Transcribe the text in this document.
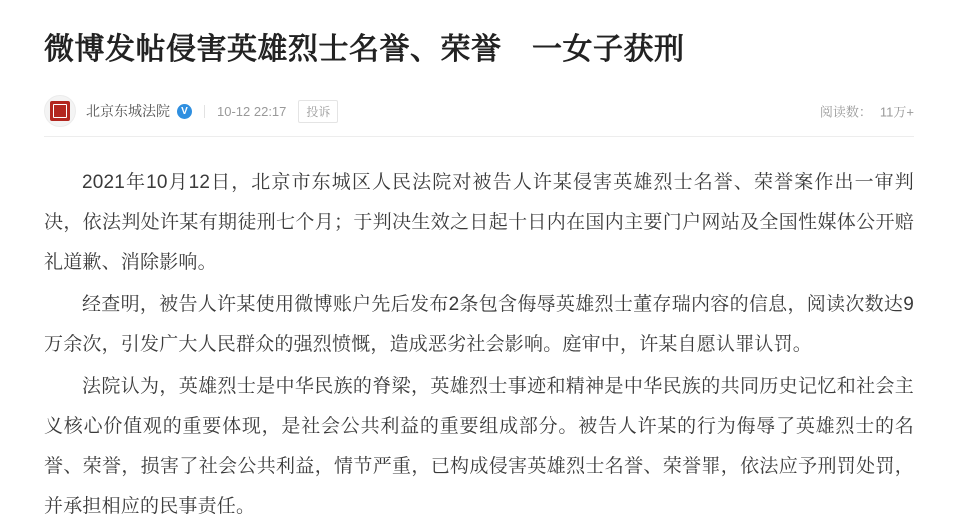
微博发帖侵害英雄烈士名誉、荣誉　一女子获刑
北京东城法院	V	10-12 22:17	投诉	阅读数： 11万+

2021年10月12日，北京市东城区人民法院对被告人许某侵害英雄烈士名誉、荣誉案作出一审判决，依法判处许某有期徒刑七个月；于判决生效之日起十日内在国内主要门户网站及全国性媒体公开赔礼道歉、消除影响。

经查明，被告人许某使用微博账户先后发布2条包含侮辱英雄烈士董存瑞内容的信息，阅读次数达9万余次，引发广大人民群众的强烈愤慨，造成恶劣社会影响。庭审中，许某自愿认罪认罚。

法院认为，英雄烈士是中华民族的脊梁，英雄烈士事迹和精神是中华民族的共同历史记忆和社会主义核心价值观的重要体现，是社会公共利益的重要组成部分。被告人许某的行为侮辱了英雄烈士的名誉、荣誉，损害了社会公共利益，情节严重，已构成侵害英雄烈士名誉、荣誉罪，依法应予刑罚处罚，并承担相应的民事责任。
